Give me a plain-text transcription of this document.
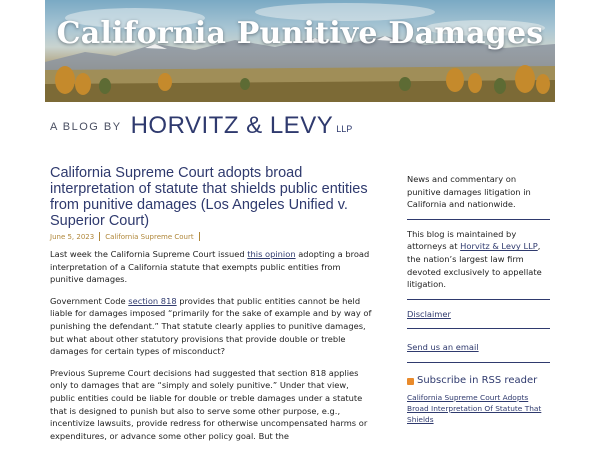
California Punitive Damages
A BLOG BY HORVITZ & LEVY LLP
California Supreme Court adopts broad interpretation of statute that shields public entities from punitive damages (Los Angeles Unified v. Superior Court)
June 5, 2023 California Supreme Court

Last week the California Supreme Court issued this opinion adopting a broad interpretation of a California statute that exempts public entities from punitive damages.

Government Code section 818 provides that public entities cannot be held liable for damages imposed “primarily for the sake of example and by way of punishing the defendant.” That statute clearly applies to punitive damages, but what about other statutory provisions that provide double or treble damages for certain types of misconduct?

Previous Supreme Court decisions had suggested that section 818 applies only to damages that are “simply and solely punitive.” Under that view, public entities could be liable for double or treble damages under a statute that is designed to punish but also to serve some other purpose, e.g., incentivize lawsuits, provide redress for otherwise uncompensated harms or expenditures, or advance some other policy goal. But the

News and commentary on punitive damages litigation in California and nationwide.
This blog is maintained by attorneys at Horvitz & Levy LLP, the nation’s largest law firm devoted exclusively to appellate litigation.
Disclaimer
Send us an email
Subscribe in RSS reader
California Supreme Court Adopts Broad Interpretation Of Statute That Shields
